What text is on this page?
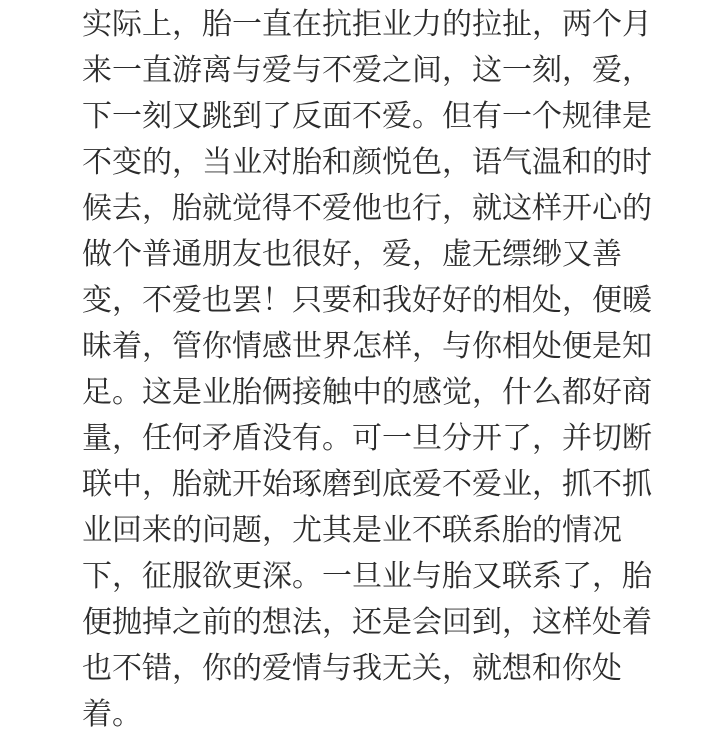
实际上，胎一直在抗拒业力的拉扯，两个月
来一直游离与爱与不爱之间，这一刻，爱，
下一刻又跳到了反面不爱。但有一个规律是
不变的，当业对胎和颜悦色，语气温和的时
候去，胎就觉得不爱他也行，就这样开心的
做个普通朋友也很好，爱，虚无缥缈又善
变，不爱也罢！只要和我好好的相处，便暖
昧着，管你情感世界怎样，与你相处便是知
足。这是业胎俩接触中的感觉，什么都好商
量，任何矛盾没有。可一旦分开了，并切断
联中，胎就开始琢磨到底爱不爱业，抓不抓
业回来的问题，尤其是业不联系胎的情况
下，征服欲更深。一旦业与胎又联系了，胎
便抛掉之前的想法，还是会回到，这样处着
也不错，你的爱情与我无关，就想和你处
着。
